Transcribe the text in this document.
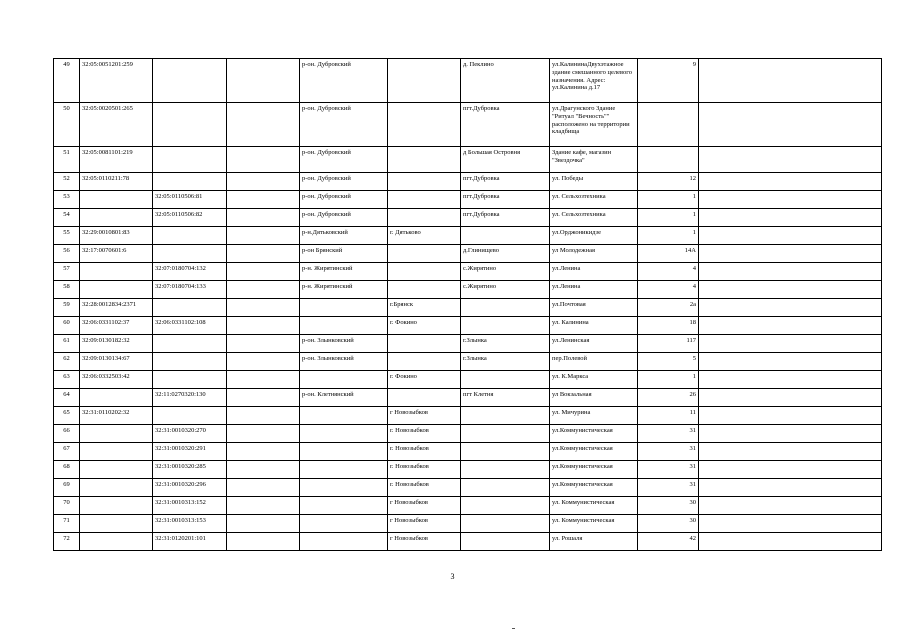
49	32:05:0051201:259			р-он. Дубровский		д. Пеклино	ул.КалининаДвухэтажное здание смешанного целевого назначения. Адрес: ул.Калинина д.17	9	
50	32:05:0020501:265			р-он. Дубровский		пгт.Дубровка	ул.Драгунского Здание "Ритуал "Вечность"" расположено на территории кладбища		
51	32:05:0081101:219			р-он. Дубровский		д Большая Островня	Здание кафе, магазин "Звездочка"		
52	32:05:0110211:78			р-он. Дубровский		пгт.Дубровка	ул. Победы	12	
53		32:05:0110506:81		р-он. Дубровский		пгт.Дубровка	ул. Сельхозтехника	1	
54		32:05:0110506:82		р-он. Дубровский		пгт.Дубровка	ул. Сельхозтехника	1	
55	32:29:0010801:83			р-н.Дятьковский	г. Дятьково		ул.Орджоникидзе	1	
56	32:17:0070601:6			р-он Брянский		д.Глинищево	ул Молодежная	14А	
57		32:07:0180704:132		р-н. Жирятинский		с.Жирятино	ул.Ленина	4	
58		32:07:0180704:133		р-н. Жирятинский		с.Жирятино	ул.Ленина	4	
59	32:28:0012834:2371				г.Брянск		ул.Почтовая	2а	
60	32:06:0331102:37	32:06:0331102:108			г. Фокино		ул. Калинина	18	
61	32:09:0130182:32			р-он. Злынковский		г.Злынка	ул.Ленинская	117	
62	32:09:0130134:67			р-он. Злынковский		г.Злынка	пер.Полевой	5	
63	32:06:0332503:42				г. Фокино		ул. К.Маркса	1	
64		32:11:0270320:130		р-он. Клетнянский		пгт Клетня	ул Вокзальная	26	
65	32:31:0110202:32				г Новозыбков		ул. Мичурина	11	
66		32:31:0010320:270			г. Новозыбков		ул.Коммунистическая	31	
67		32:31:0010320:291			г. Новозыбков		ул.Коммунистическая	31	
68		32:31:0010320:285			г. Новозыбков		ул.Коммунистическая	31	
69		32:31:0010320:296			г. Новозыбков		ул.Коммунистическая	31	
70		32:31:0010313:152			г Новозыбков		ул. Коммунистическая	30	
71		32:31:0010313:153			г Новозыбков		ул. Коммунистическая	30	
72		32:31:0120201:101			г Новозыбков		ул. Рошаля	42	
3
